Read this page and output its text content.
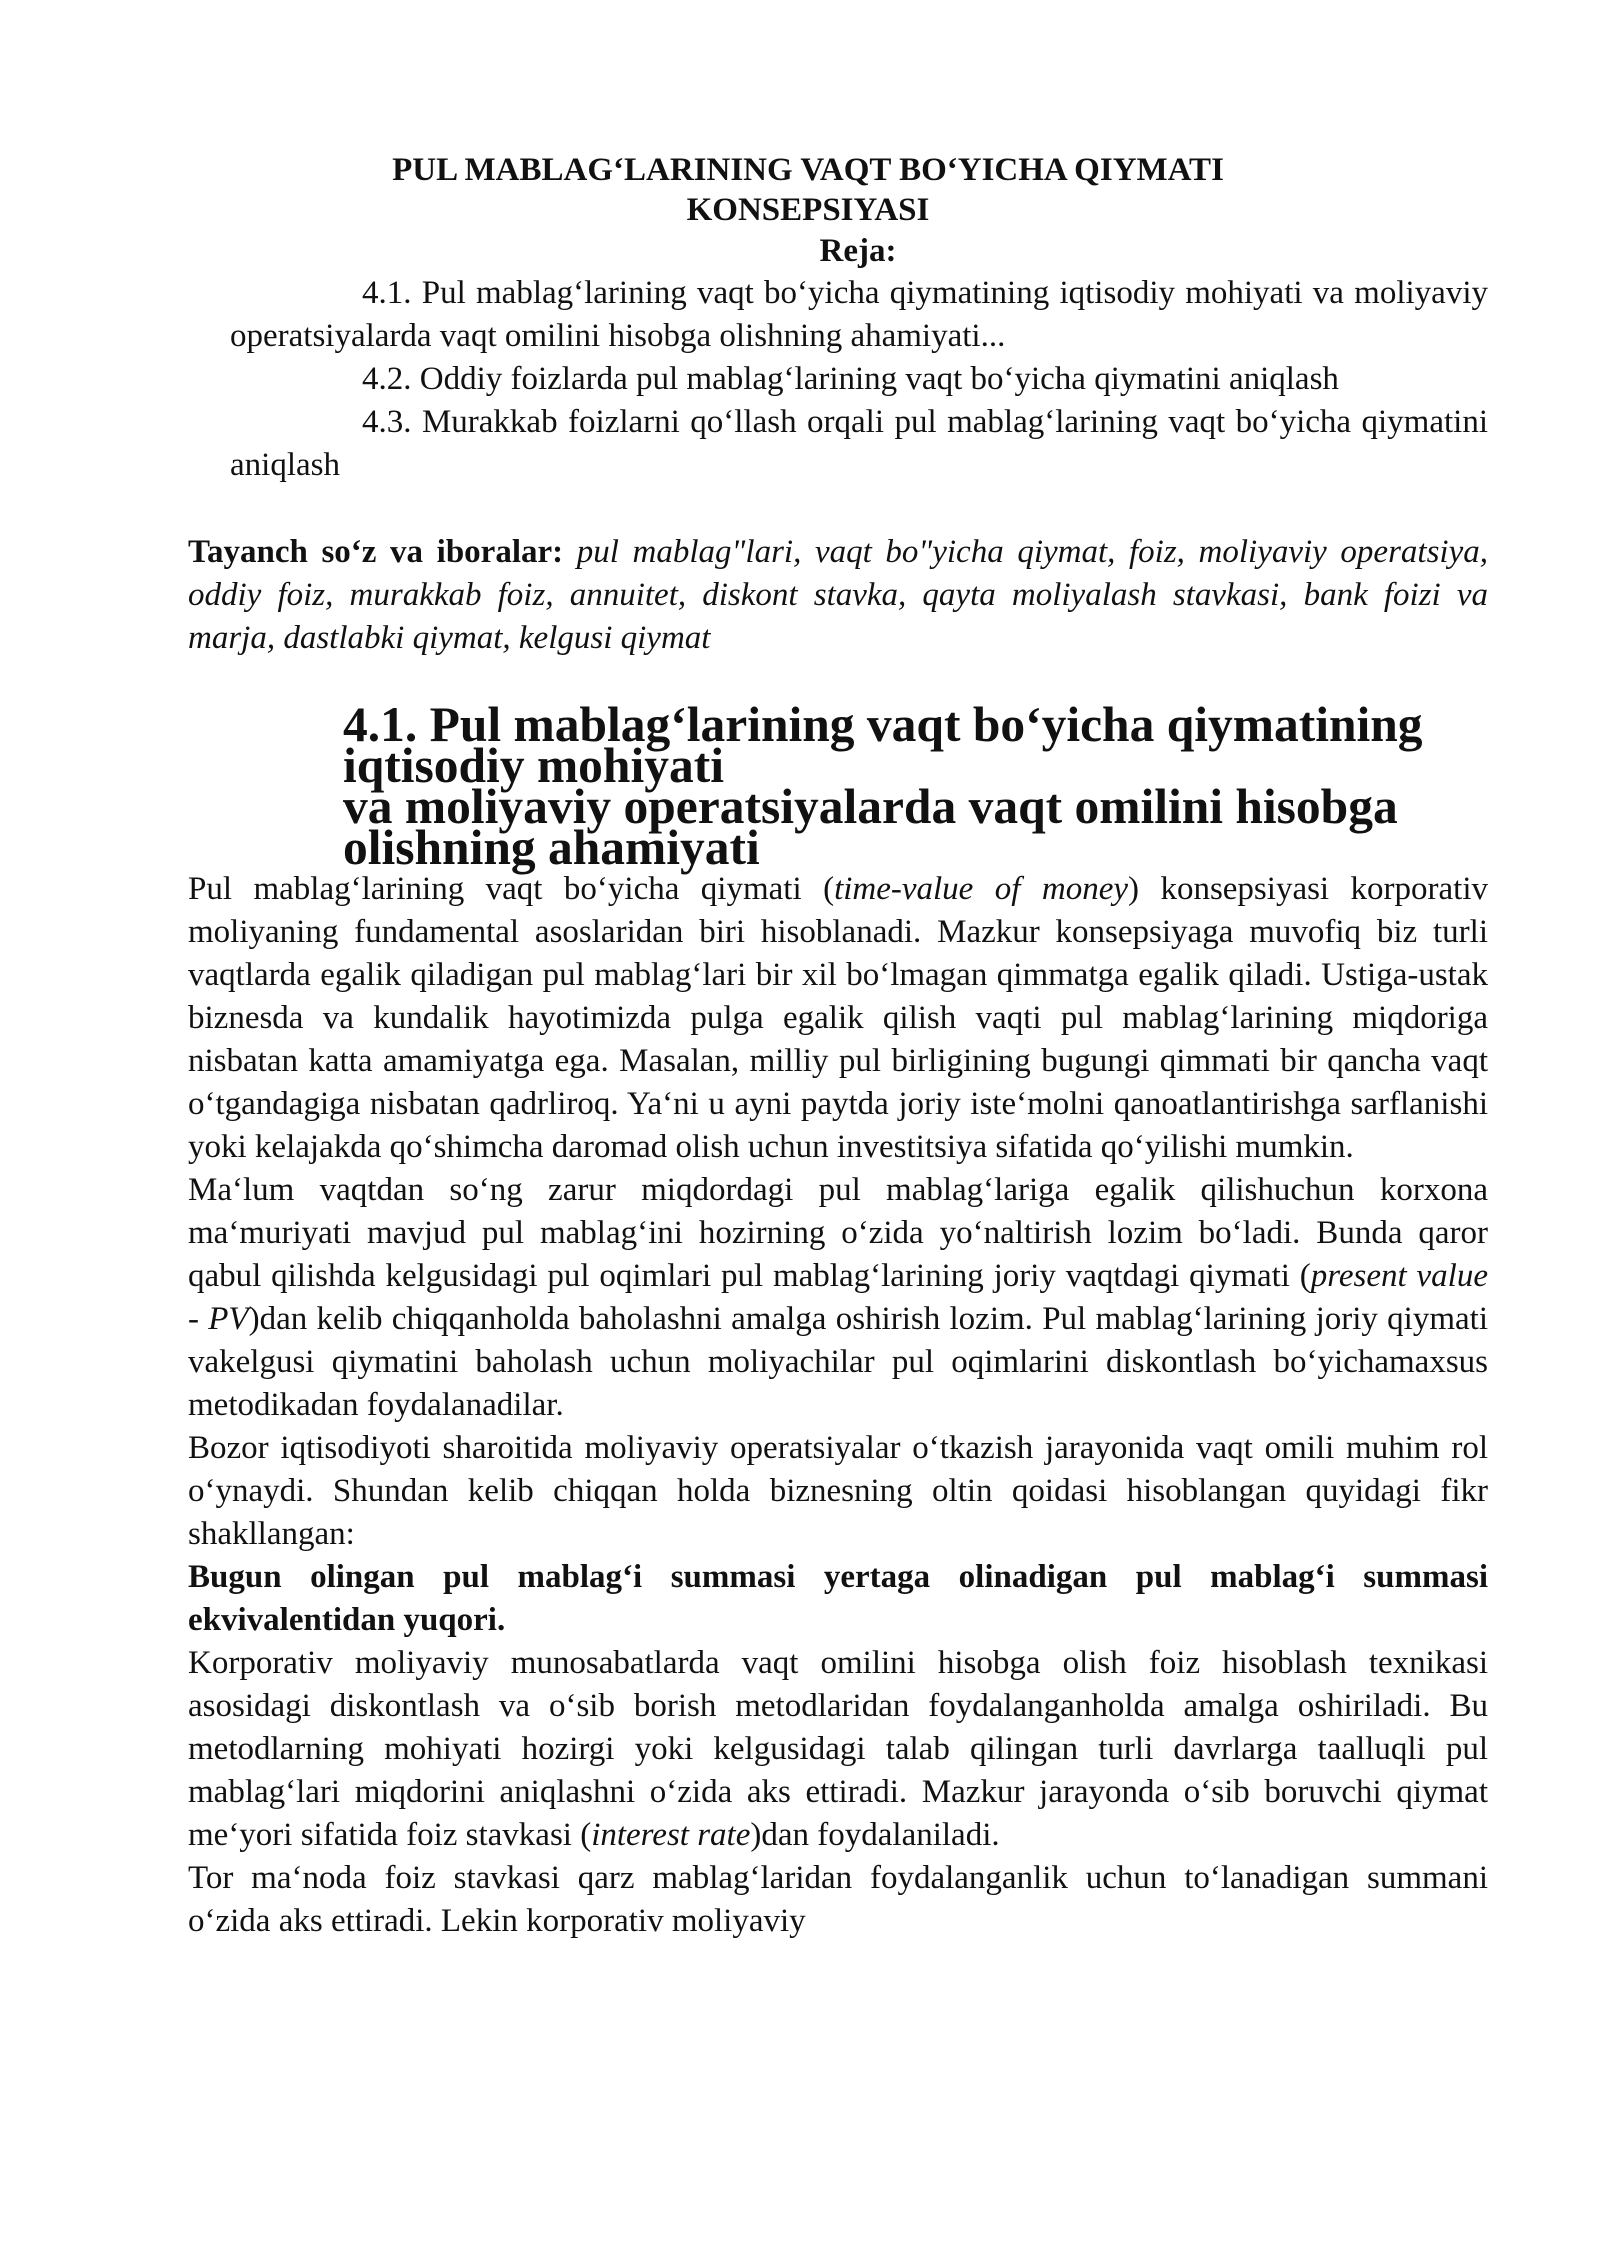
PUL MABLAG‘LARINING VAQT BO‘YICHA QIYMATI
KONSEPSIYASI

Reja:

4.1. Pul mablag‘larining vaqt bo‘yicha qiymatining iqtisodiy mohiyati va moliyaviy operatsiyalarda vaqt omilini hisobga olishning ahamiyati...

4.2. Oddiy foizlarda pul mablag‘larining vaqt bo‘yicha qiymatini aniqlash

4.3. Murakkab foizlarni qo‘llash orqali pul mablag‘larining vaqt bo‘yicha qiymatini aniqlash

Tayanch so‘z va iboralar: pul mablag"lari, vaqt bo"yicha qiymat, foiz, moliyaviy operatsiya, oddiy foiz, murakkab foiz, annuitet, diskont stavka, qayta moliyalash stavkasi, bank foizi va marja, dastlabki qiymat, kelgusi qiymat

4.1. Pul mablag‘larining vaqt bo‘yicha qiymatining iqtisodiy mohiyati
va moliyaviy operatsiyalarda vaqt omilini hisobga olishning ahamiyati

Pul mablag‘larining vaqt bo‘yicha qiymati (time-value of money) konsepsiyasi korporativ moliyaning fundamental asoslaridan biri hisoblanadi. Mazkur konsepsiyaga muvofiq biz turli vaqtlarda egalik qiladigan pul mablag‘lari bir xil bo‘lmagan qimmatga egalik qiladi. Ustiga-ustak biznesda va kundalik hayotimizda pulga egalik qilish vaqti pul mablag‘larining miqdoriga nisbatan katta amamiyatga ega. Masalan, milliy pul birligining bugungi qimmati bir qancha vaqt o‘tgandagiga nisbatan qadrliroq. Ya‘ni u ayni paytda joriy iste‘molni qanoatlantirishga sarflanishi yoki kelajakda qo‘shimcha daromad olish uchun investitsiya sifatida qo‘yilishi mumkin.

Ma‘lum vaqtdan so‘ng zarur miqdordagi pul mablag‘lariga egalik qilishuchun korxona ma‘muriyati mavjud pul mablag‘ini hozirning o‘zida yo‘naltirish lozim bo‘ladi. Bunda qaror qabul qilishda kelgusidagi pul oqimlari pul mablag‘larining joriy vaqtdagi qiymati (present value - PV)dan kelib chiqqanholda baholashni amalga oshirish lozim. Pul mablag‘larining joriy qiymati vakelgusi qiymatini baholash uchun moliyachilar pul oqimlarini diskontlash bo‘yichamaxsus metodikadan foydalanadilar.

Bozor iqtisodiyoti sharoitida moliyaviy operatsiyalar o‘tkazish jarayonida vaqt omili muhim rol o‘ynaydi. Shundan kelib chiqqan holda biznesning oltin qoidasi hisoblangan quyidagi fikr shakllangan:

Bugun olingan pul mablag‘i summasi yertaga olinadigan pul mablag‘i summasi ekvivalentidan yuqori.

Korporativ moliyaviy munosabatlarda vaqt omilini hisobga olish foiz hisoblash texnikasi asosidagi diskontlash va o‘sib borish metodlaridan foydalanganholda amalga oshiriladi. Bu metodlarning mohiyati hozirgi yoki kelgusidagi talab qilingan turli davrlarga taalluqli pul mablag‘lari miqdorini aniqlashni o‘zida aks ettiradi. Mazkur jarayonda o‘sib boruvchi qiymat me‘yori sifatida foiz stavkasi (interest rate)dan foydalaniladi.

Tor ma‘noda foiz stavkasi qarz mablag‘laridan foydalanganlik uchun to‘lanadigan summani o‘zida aks ettiradi. Lekin korporativ moliyaviy
